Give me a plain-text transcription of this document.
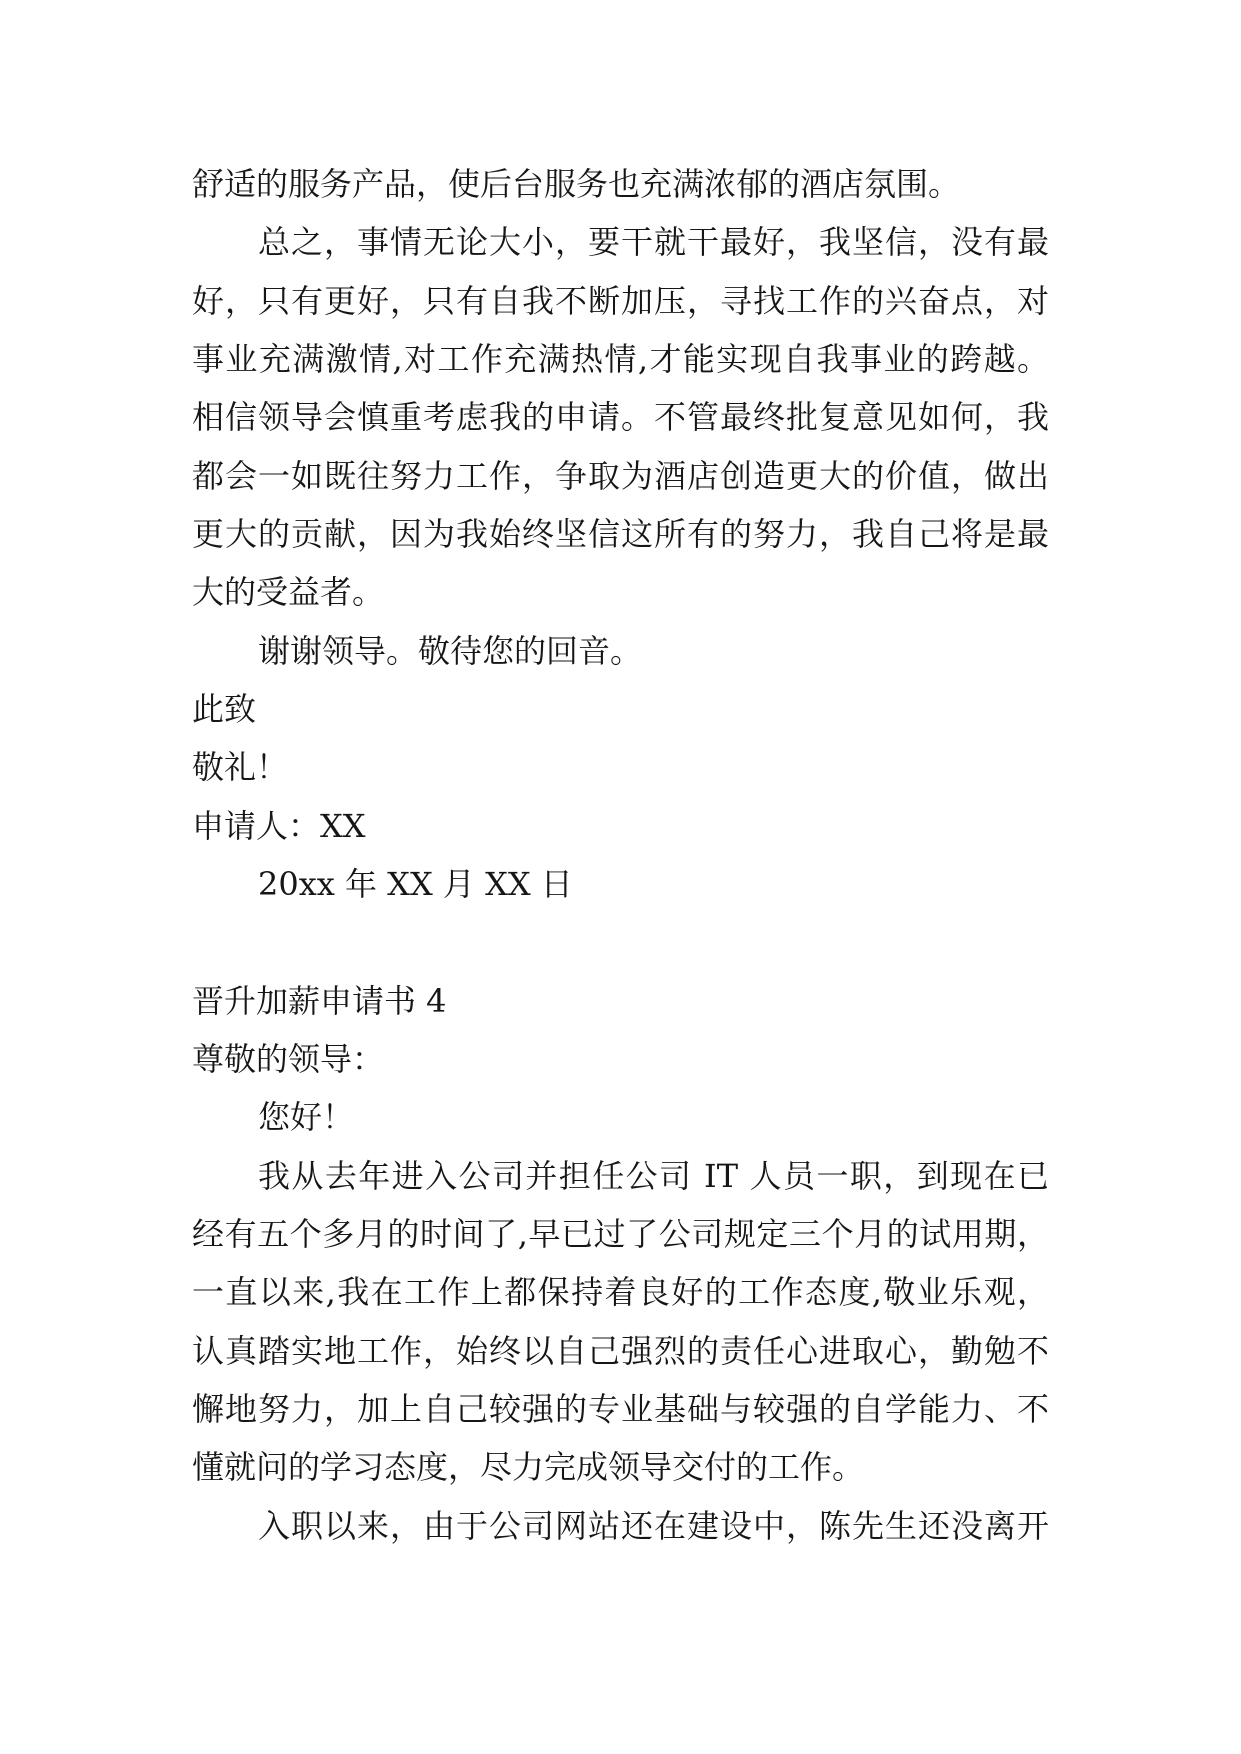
舒适的服务产品，使后台服务也充满浓郁的酒店氛围。
总之，事情无论大小，要干就干最好，我坚信，没有最
好，只有更好，只有自我不断加压，寻找工作的兴奋点，对
事业充满激情,对工作充满热情,才能实现自我事业的跨越。
相信领导会慎重考虑我的申请。不管最终批复意见如何，我
都会一如既往努力工作，争取为酒店创造更大的价值，做出
更大的贡献，因为我始终坚信这所有的努力，我自己将是最
大的受益者。
谢谢领导。敬待您的回音。
此致
敬礼！
申请人：XX
20xx 年 XX 月 XX 日
晋升加薪申请书 4
尊敬的领导：
您好！
我从去年进入公司并担任公司 IT 人员一职，到现在已
经有五个多月的时间了,早已过了公司规定三个月的试用期，
一直以来,我在工作上都保持着良好的工作态度,敬业乐观，
认真踏实地工作，始终以自己强烈的责任心进取心，勤勉不
懈地努力，加上自己较强的专业基础与较强的自学能力、不
懂就问的学习态度，尽力完成领导交付的工作。
入职以来，由于公司网站还在建设中，陈先生还没离开
